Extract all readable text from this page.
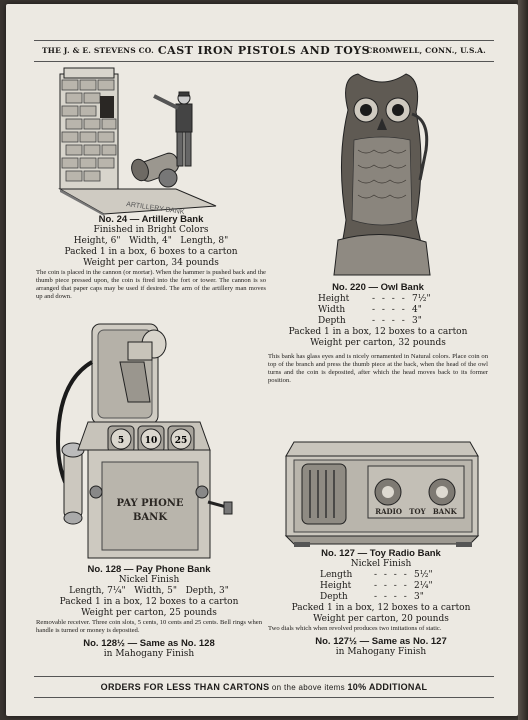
THE J. & E. STEVENS CO. CAST IRON PISTOLS AND TOYS
CROMWELL, CONN., U.S.A.
ARTILLERY BANK
No. 24 — Artillery Bank
Finished in Bright Colors
Height, 6"   Width, 4"   Length, 8"
Packed 1 in a box, 6 boxes to a carton
Weight per carton, 34 pounds
The coin is placed in the cannon (or mortar). When the hammer is pushed back and the thumb piece pressed upon, the coin is fired into the fort or tower. The cannon is so arranged that paper caps may be used if desired. The arm of the artillery man moves up and down.
No. 220 — Owl Bank
Height	- - - - 7½"
Width	- - - - 4"
Depth	- - - - 3"
Packed 1 in a box, 12 boxes to a carton
Weight per carton, 32 pounds
This bank has glass eyes and is nicely ornamented in Natural colors. Place coin on top of the branch and press the thumb piece at the back, when the head of the owl turns and the coin is deposited, after which the head moves back to its former position.
5 10 25
PAY PHONE
BANK
No. 128 — Pay Phone Bank
Nickel Finish
Length, 7¼"   Width, 5"   Depth, 3"
Packed 1 in a box, 12 boxes to a carton
Weight per carton, 25 pounds
Removable receiver. Three coin slots, 5 cents, 10 cents and 25 cents. Bell rings when handle is turned or money is deposited.
No. 128½ — Same as No. 128
in Mahogany Finish
RADIO   TOY   BANK
No. 127 — Toy Radio Bank
Nickel Finish
Length	- - - - 5½"
Height	- - - - 2¼"
Depth	- - - - 3"
Packed 1 in a box, 12 boxes to a carton
Weight per carton, 20 pounds
Two dials which when revolved produces two imitations of static.
No. 127½ — Same as No. 127
in Mahogany Finish
ORDERS FOR LESS THAN CARTONS on the above items 10% ADDITIONAL
